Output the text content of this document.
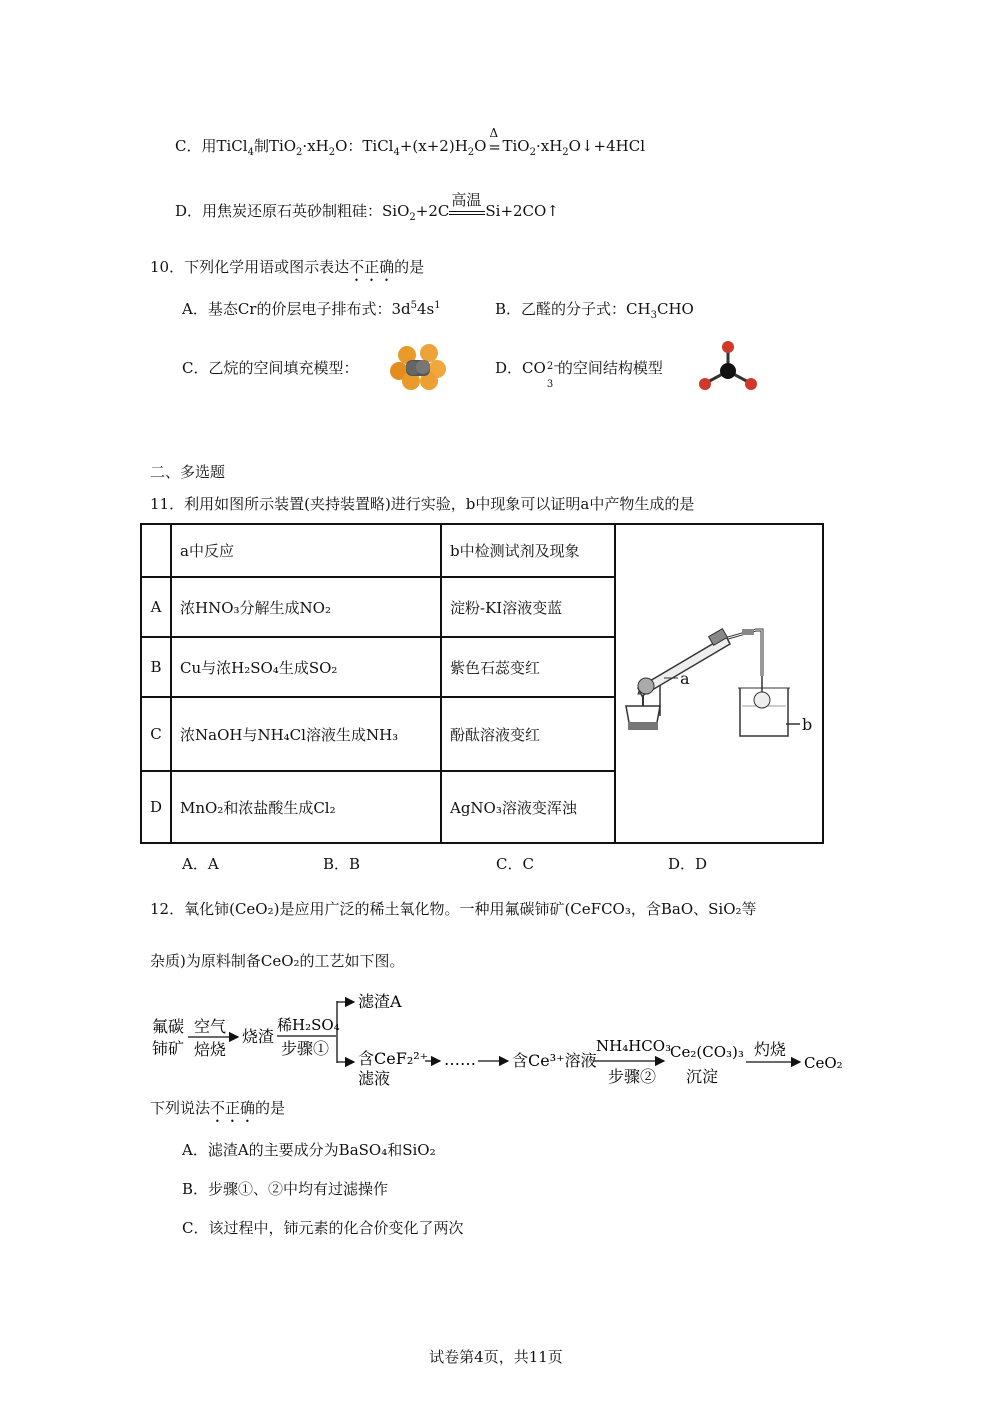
C．用TiCl$_4$制$TiO_2\cdot xH_2O$：$TiCl_4+(x+2)H_2O$
Δ
= $TiO_2\cdot xH_2O↓+4HCl$
D．用焦炭还原石英砂制粗硅：SiO$_2$+2C
高温
Si+2CO↑
10．下列化学用语或图示表达不正确的是
A．基态Cr的价层电子排布式：$3d^54s^1$	B．乙醛的分子式：$CH_3CHO$
C．乙烷的空间填充模型：	D．CO 2−
3
的空间结构模型
二、多选题
11．利用如图所示装置(夹持装置略)进行实验，b中现象可以证明a中产物生成的是
	a中反应	b中检测试剂及现象	a
b

A	浓HNO₃分解生成NO₂	淀粉-KI溶液变蓝	
B	Cu与浓H₂SO₄生成SO₂	紫色石蕊变红	
C	浓NaOH与NH₄Cl溶液生成NH₃	酚酞溶液变红	
D	MnO₂和浓盐酸生成Cl₂	AgNO₃溶液变浑浊	
A．A	B．B	C．C	D．D
12．氧化铈(CeO₂)是应用广泛的稀土氧化物。一种用氟碳铈矿(CeFCO₃，含BaO、SiO₂等
杂质)为原料制备CeO₂的工艺如下图。
氟碳
铈矿
空气
焙烧
烧渣
稀H₂SO₄
步骤①
滤渣A
含CeF₂²⁺
滤液
…… 含Ce³⁺溶液
NH₄HCO₃
步骤②
Ce₂(CO₃)₃
沉淀
灼烧
CeO₂
下列说法不正确的是
A．滤渣A的主要成分为BaSO₄和SiO₂
B．步骤①、②中均有过滤操作
C．该过程中，铈元素的化合价变化了两次
试卷第4页，共11页
